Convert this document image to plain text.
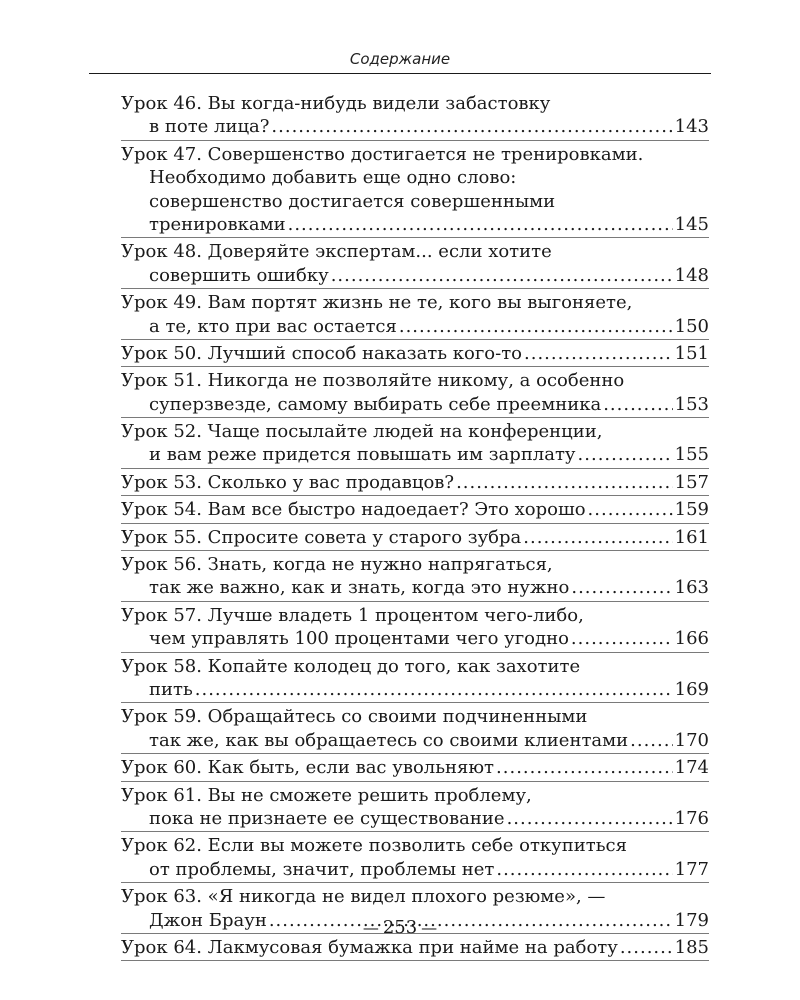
Содержание
Урок 46. Вы когда-нибудь видели забастовку
в поте лица? .....	143
Урок 47. Совершенство достигается не тренировками.
Необходимо добавить еще одно слово:
совершенство достигается совершенными
тренировками .....	145
Урок 48. Доверяйте экспертам... если хотите
совершить ошибку .....	148
Урок 49. Вам портят жизнь не те, кого вы выгоняете,
а те, кто при вас остается .....	150
Урок 50. Лучший способ наказать кого-то .....	151
Урок 51. Никогда не позволяйте никому, а особенно
суперзвезде, самому выбирать себе преемника .....	153
Урок 52. Чаще посылайте людей на конференции,
и вам реже придется повышать им зарплату .....	155
Урок 53. Сколько у вас продавцов? .....	157
Урок 54. Вам все быстро надоедает? Это хорошо .....	159
Урок 55. Спросите совета у старого зубра .....	161
Урок 56. Знать, когда не нужно напрягаться,
так же важно, как и знать, когда это нужно .....	163
Урок 57. Лучше владеть 1 процентом чего-либо,
чем управлять 100 процентами чего угодно .....	166
Урок 58. Копайте колодец до того, как захотите
пить .....	169
Урок 59. Обращайтесь со своими подчиненными
так же, как вы обращаетесь со своими клиентами .....	170
Урок 60. Как быть, если вас увольняют .....	174
Урок 61. Вы не сможете решить проблему,
пока не признаете ее существование .....	176
Урок 62. Если вы можете позволить себе откупиться
от проблемы, значит, проблемы нет .....	177
Урок 63. «Я никогда не видел плохого резюме», —
Джон Браун .....	179
Урок 64. Лакмусовая бумажка при найме на работу .....	185
— 253 —
